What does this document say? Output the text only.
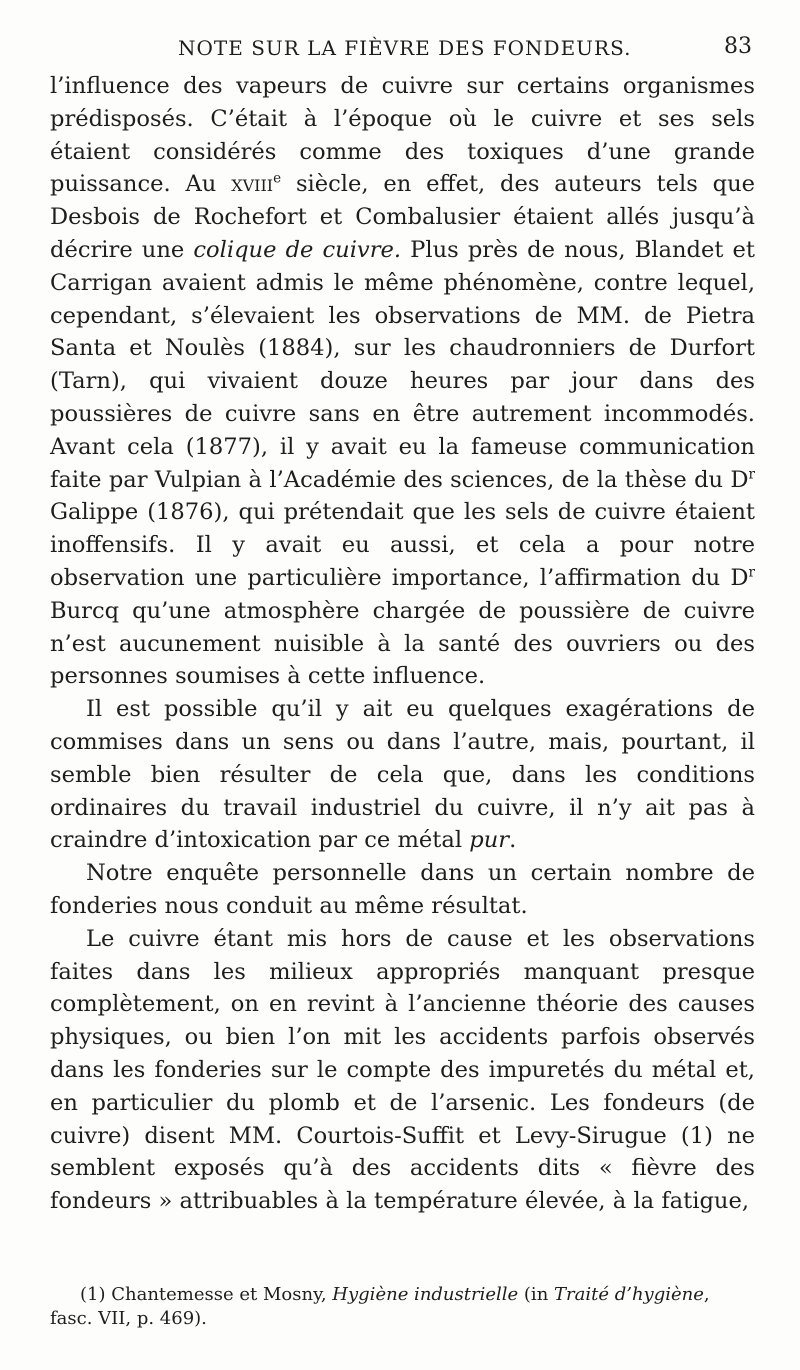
NOTE SUR LA FIÈVRE DES FONDEURS.	83

l’influence des vapeurs de cuivre sur certains organismes prédisposés. C’était à l’époque où le cuivre et ses sels étaient considérés comme des toxiques d’une grande puissance. Au xviii$^e$ siècle, en effet, des auteurs tels que Desbois de Rochefort et Combalusier étaient allés jusqu’à décrire une colique de cuivre. Plus près de nous, Blandet et Carrigan avaient admis le même phénomène, contre lequel, cependant, s’élevaient les observations de MM. de Pietra Santa et Noulès (1884), sur les chaudronniers de Durfort (Tarn), qui vivaient douze heures par jour dans des poussières de cuivre sans en être autrement incommodés. Avant cela (1877), il y avait eu la fameuse communication faite par Vulpian à l’Académie des sciences, de la thèse du $D^r$ Galippe (1876), qui prétendait que les sels de cuivre étaient inoffensifs. Il y avait eu aussi, et cela a pour notre observation une particulière importance, l’affirmation du $D^r$ Burcq qu’une atmosphère chargée de poussière de cuivre n’est aucunement nuisible à la santé des ouvriers ou des personnes soumises à cette influence.

Il est possible qu’il y ait eu quelques exagérations de commises dans un sens ou dans l’autre, mais, pourtant, il semble bien résulter de cela que, dans les conditions ordinaires du travail industriel du cuivre, il n’y ait pas à craindre d’intoxication par ce métal pur.

Notre enquête personnelle dans un certain nombre de fonderies nous conduit au même résultat.

Le cuivre étant mis hors de cause et les observations faites dans les milieux appropriés manquant presque complètement, on en revint à l’ancienne théorie des causes physiques, ou bien l’on mit les accidents parfois observés dans les fonderies sur le compte des impuretés du métal et, en particulier du plomb et de l’arsenic. Les fondeurs (de cuivre) disent MM. Courtois-Suffit et Levy-Sirugue (1) ne semblent exposés qu’à des accidents dits « fièvre des fondeurs » attribuables à la température élevée, à la fatigue,

(1) Chantemesse et Mosny, Hygiène industrielle (in Traité d’hygiène, fasc. VII, p. 469).
